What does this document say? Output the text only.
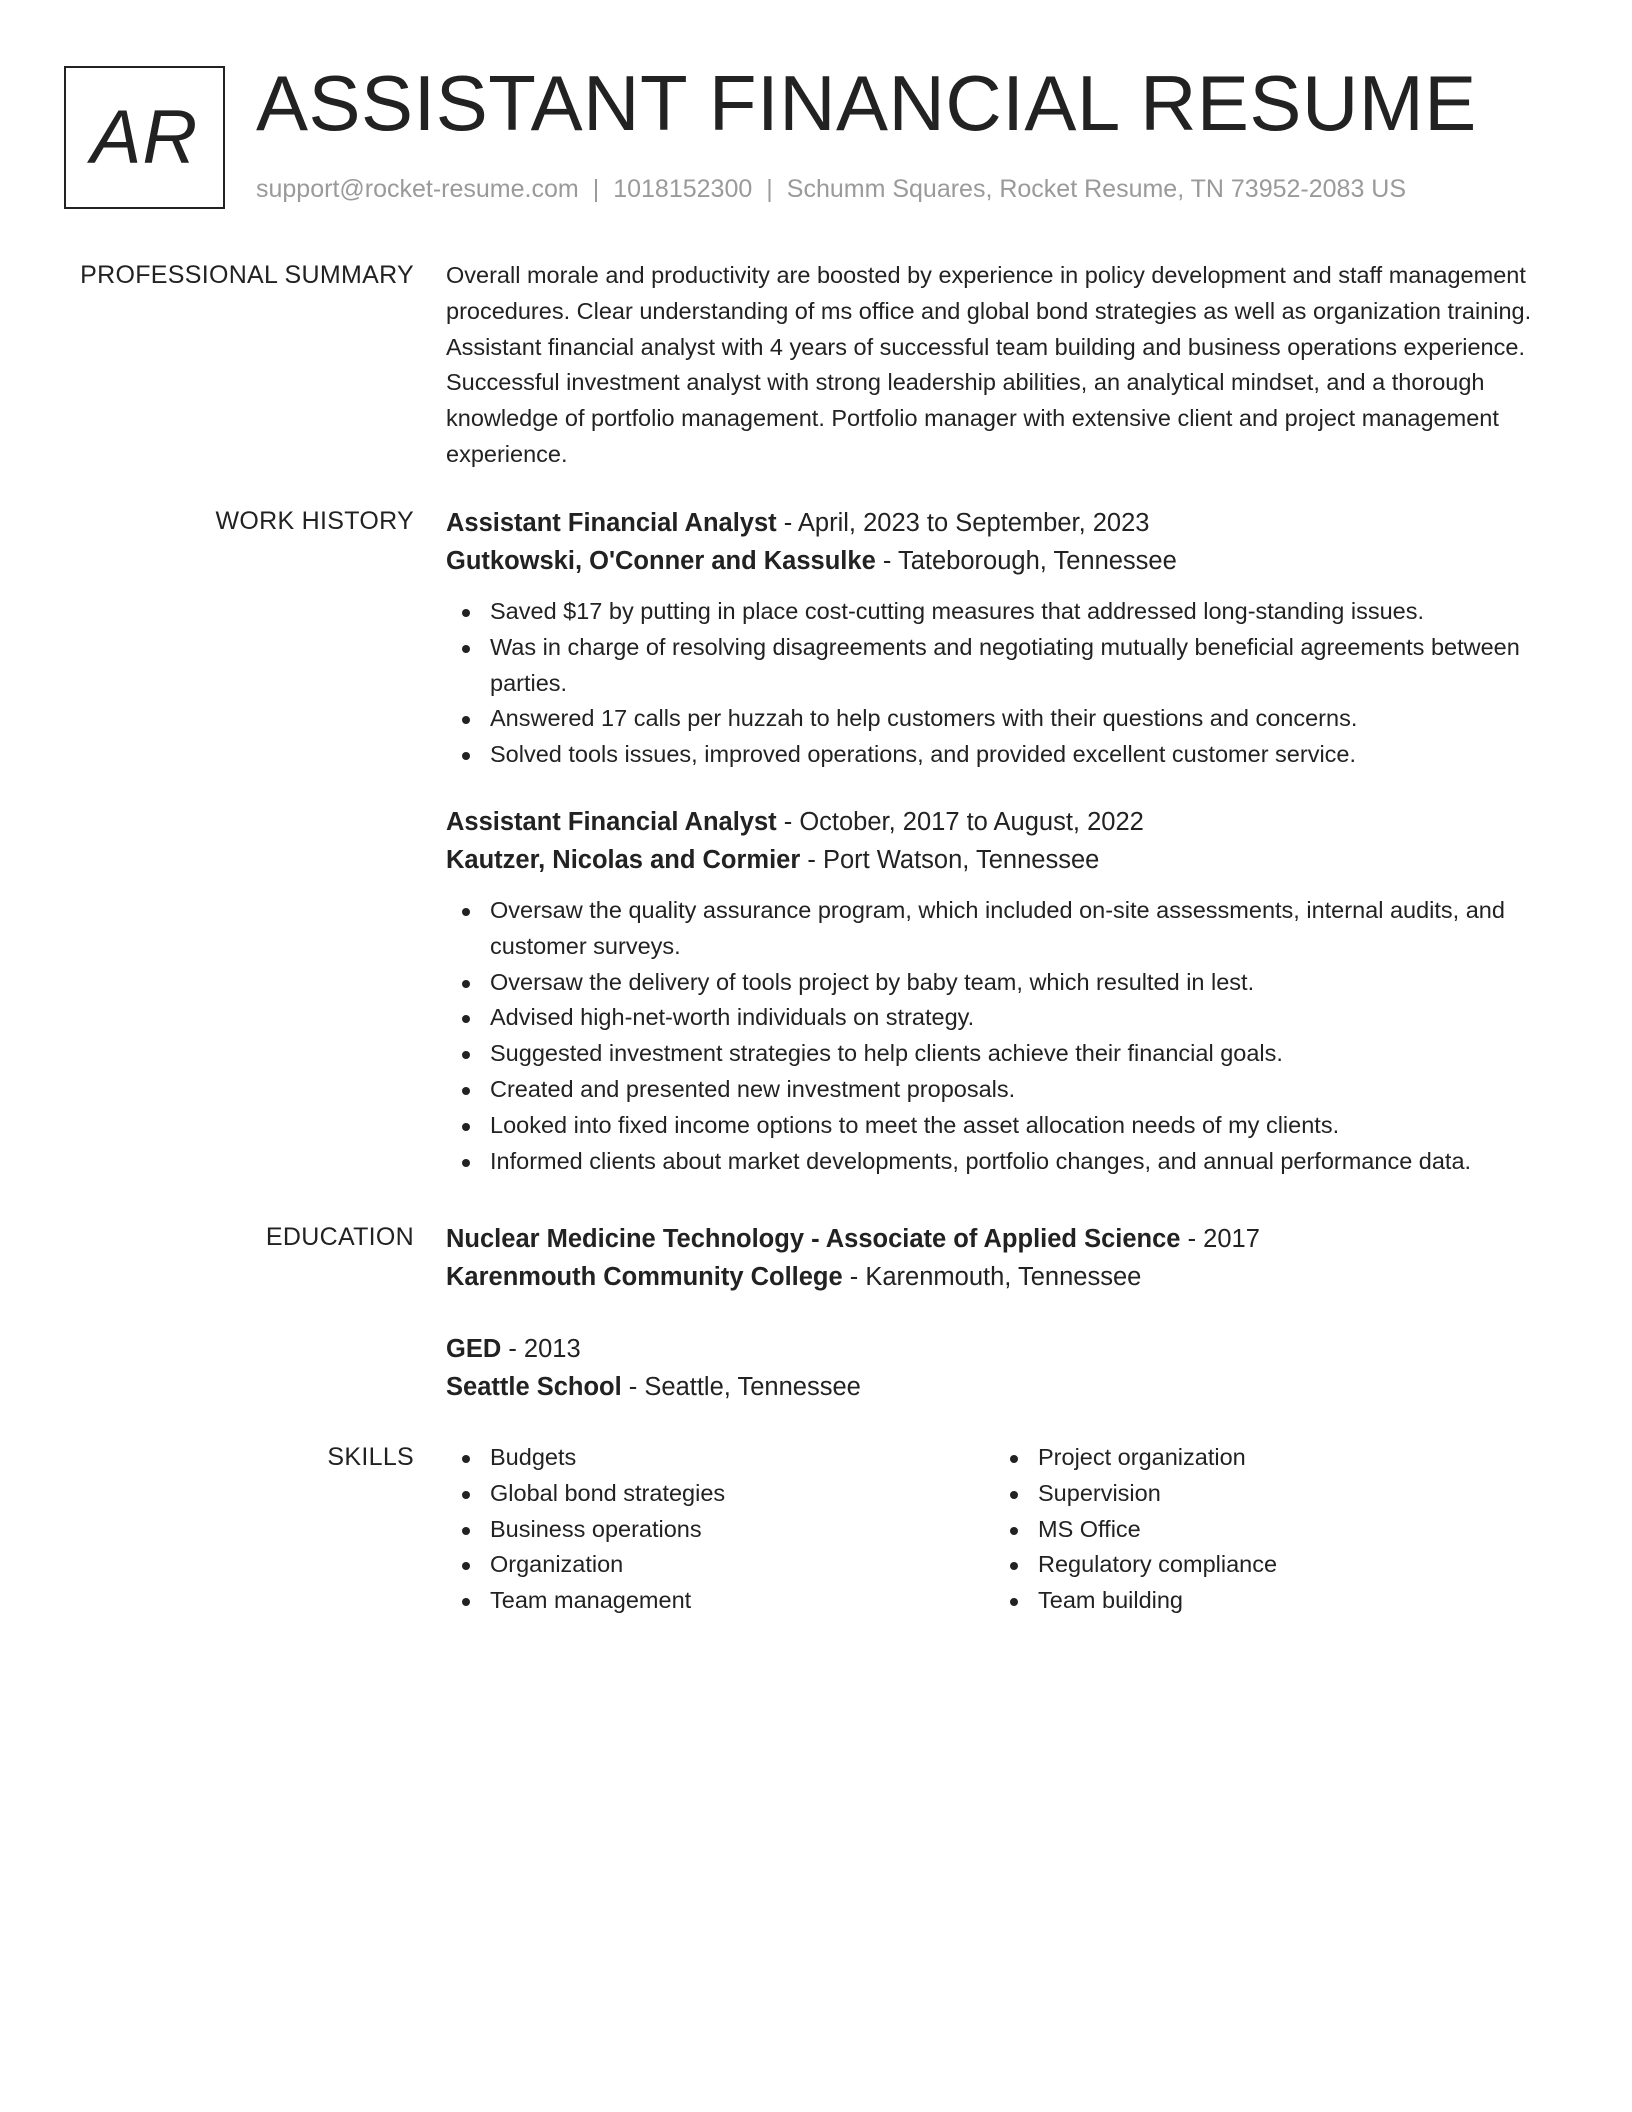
AR ASSISTANT FINANCIAL RESUME
support@rocket-resume.com | 1018152300 | Schumm Squares, Rocket Resume, TN 73952-2083 US
PROFESSIONAL SUMMARY Overall morale and productivity are boosted by experience in policy development and staff management procedures. Clear understanding of ms office and global bond strategies as well as organization training. Assistant financial analyst with 4 years of successful team building and business operations experience. Successful investment analyst with strong leadership abilities, an analytical mindset, and a thorough knowledge of portfolio management. Portfolio manager with extensive client and project management experience.

WORK HISTORY Assistant Financial Analyst - April, 2023 to September, 2023
Gutkowski, O'Conner and Kassulke - Tateborough, Tennessee
Saved $17 by putting in place cost-cutting measures that addressed long-standing issues.
Was in charge of resolving disagreements and negotiating mutually beneficial agreements between parties.
Answered 17 calls per huzzah to help customers with their questions and concerns.
Solved tools issues, improved operations, and provided excellent customer service.
Assistant Financial Analyst - October, 2017 to August, 2022
Kautzer, Nicolas and Cormier - Port Watson, Tennessee
Oversaw the quality assurance program, which included on-site assessments, internal audits, and customer surveys.
Oversaw the delivery of tools project by baby team, which resulted in lest.
Advised high-net-worth individuals on strategy.
Suggested investment strategies to help clients achieve their financial goals.
Created and presented new investment proposals.
Looked into fixed income options to meet the asset allocation needs of my clients.
Informed clients about market developments, portfolio changes, and annual performance data.
EDUCATION Nuclear Medicine Technology - Associate of Applied Science - 2017
Karenmouth Community College - Karenmouth, Tennessee
GED - 2013
Seattle School - Seattle, Tennessee
SKILLS	Budgets
Global bond strategies
Business operations
Organization
Team management
Project organization
Supervision
MS Office
Regulatory compliance
Team building
